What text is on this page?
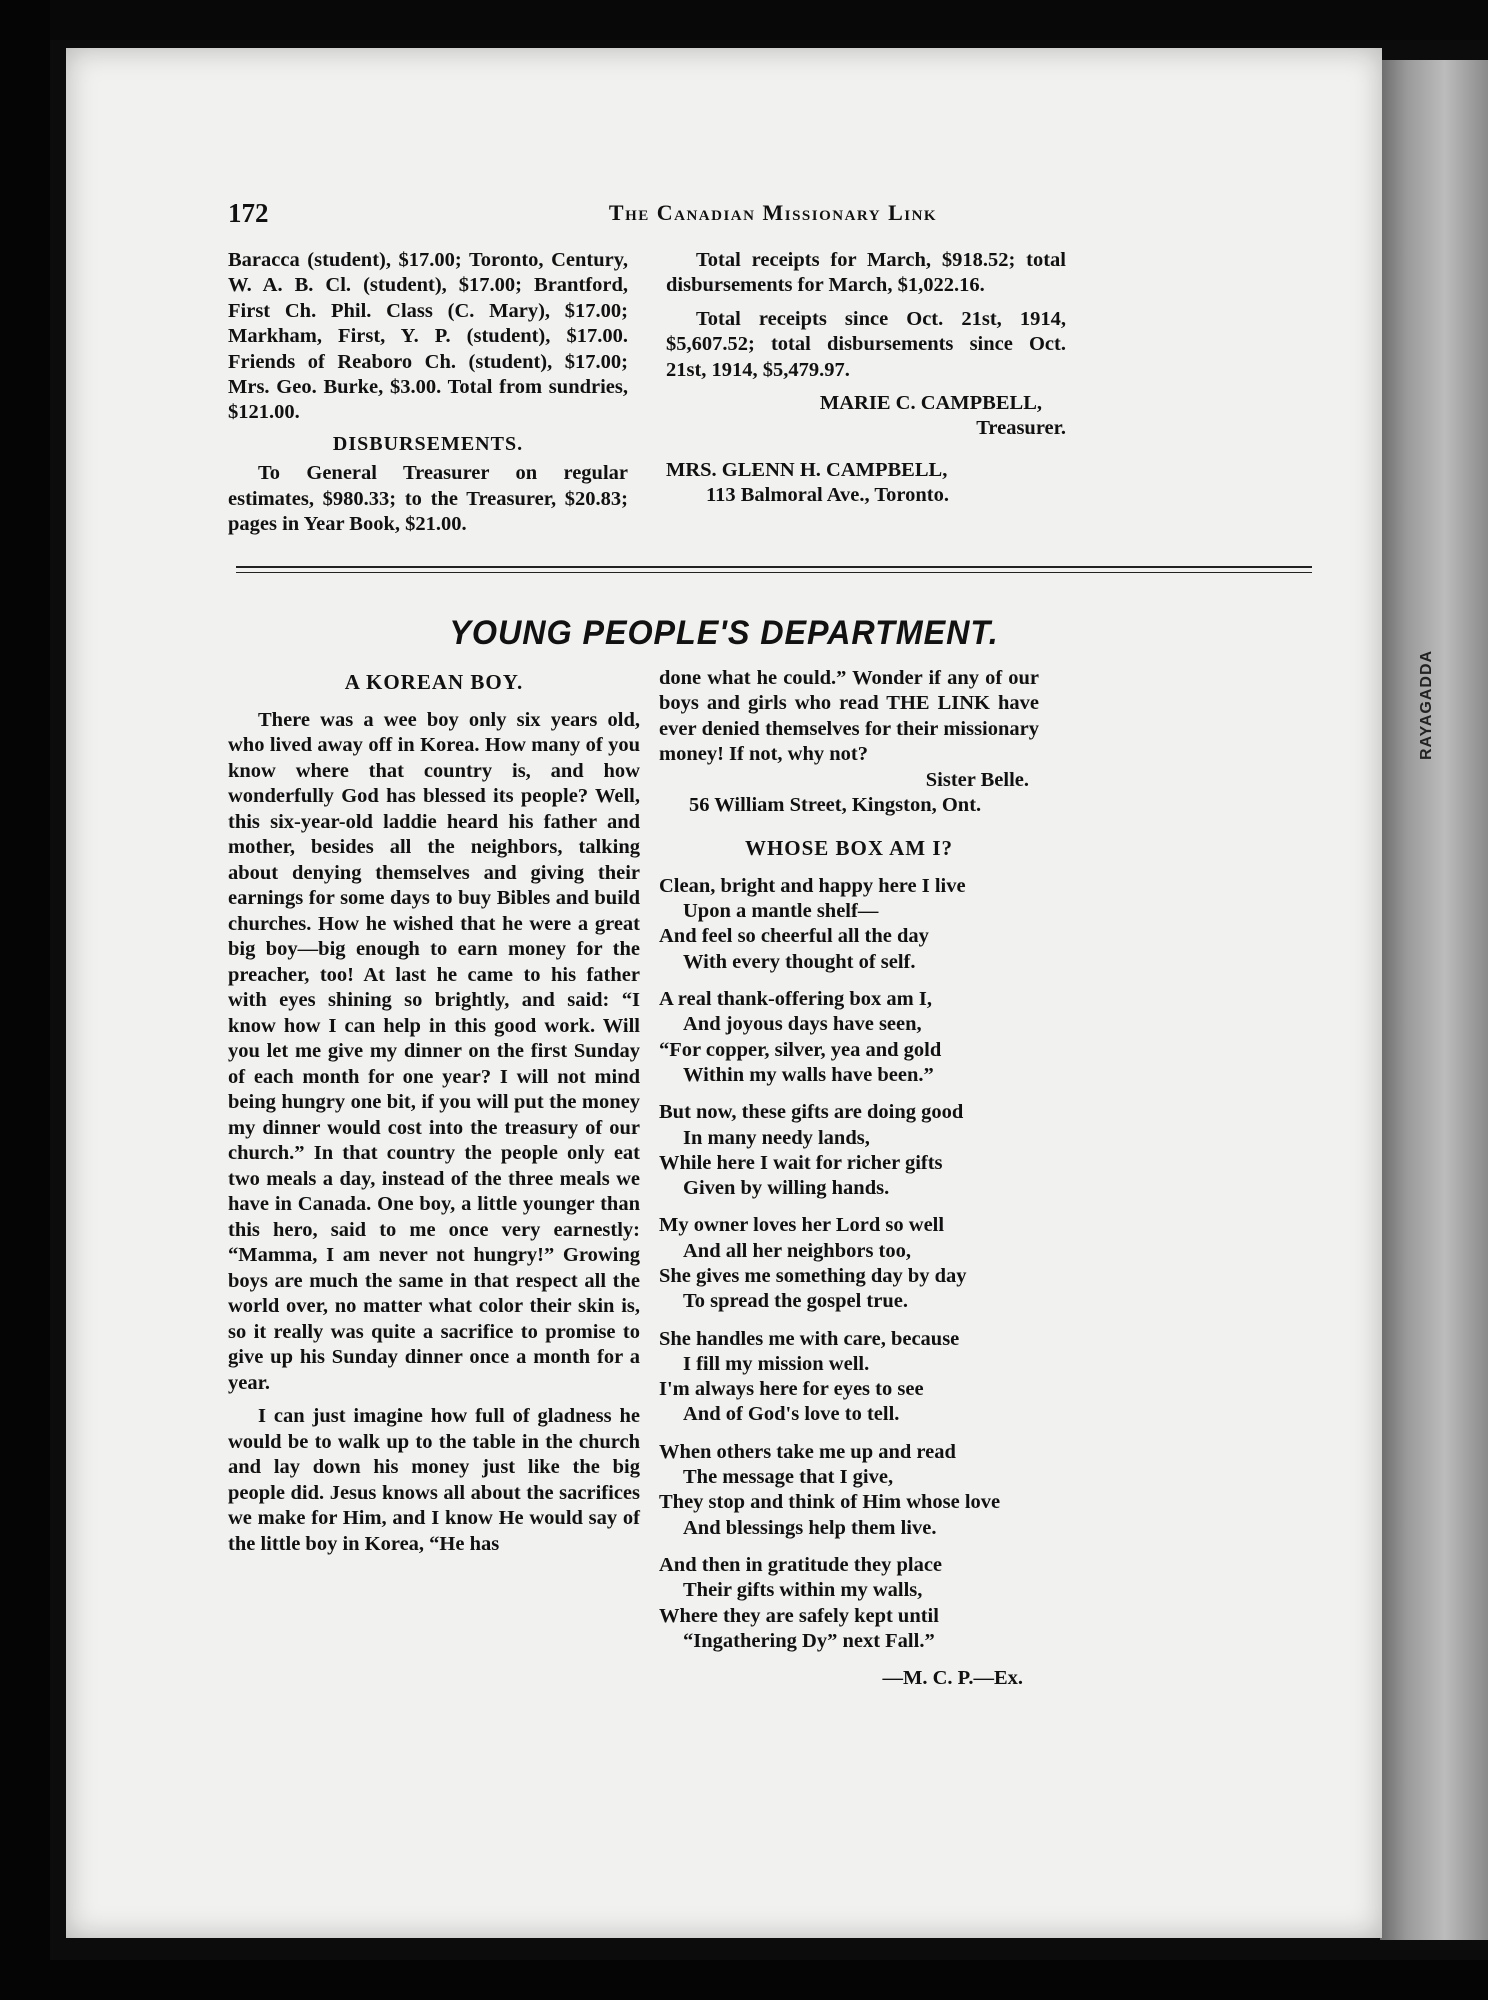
RAYAGADDA
172	The Canadian Missionary Link

Baracca (student), $17.00; Toronto, Century, W. A. B. Cl. (student), $17.00; Brantford, First Ch. Phil. Class (C. Mary), $17.00; Markham, First, Y. P. (student), $17.00. Friends of Reaboro Ch. (student), $17.00; Mrs. Geo. Burke, $3.00. Total from sundries, $121.00.

DISBURSEMENTS.

To General Treasurer on regular estimates, $980.33; to the Treasurer, $20.83; pages in Year Book, $21.00.

Total receipts for March, $918.52; total disbursements for March, $1,022.16.

Total receipts since Oct. 21st, 1914, $5,607.52; total disbursements since Oct. 21st, 1914, $5,479.97.

MARIE C. CAMPBELL,

Treasurer.

MRS. GLENN H. CAMPBELL,

113 Balmoral Ave., Toronto.

YOUNG PEOPLE'S DEPARTMENT.
A KOREAN BOY.

There was a wee boy only six years old, who lived away off in Korea. How many of you know where that country is, and how wonderfully God has blessed its people? Well, this six-year-old laddie heard his father and mother, besides all the neighbors, talking about denying themselves and giving their earnings for some days to buy Bibles and build churches. How he wished that he were a great big boy—big enough to earn money for the preacher, too! At last he came to his father with eyes shining so brightly, and said: “I know how I can help in this good work. Will you let me give my dinner on the first Sunday of each month for one year? I will not mind being hungry one bit, if you will put the money my dinner would cost into the treasury of our church.” In that country the people only eat two meals a day, instead of the three meals we have in Canada. One boy, a little younger than this hero, said to me once very earnestly: “Mamma, I am never not hungry!” Growing boys are much the same in that respect all the world over, no matter what color their skin is, so it really was quite a sacrifice to promise to give up his Sunday dinner once a month for a year.

I can just imagine how full of gladness he would be to walk up to the table in the church and lay down his money just like the big people did. Jesus knows all about the sacrifices we make for Him, and I know He would say of the little boy in Korea, “He has

done what he could.” Wonder if any of our boys and girls who read THE LINK have ever denied themselves for their missionary money! If not, why not?

Sister Belle.

56 William Street, Kingston, Ont.

WHOSE BOX AM I?
Clean, bright and happy here I live
Upon a mantle shelf—
And feel so cheerful all the day
With every thought of self.
A real thank-offering box am I,
And joyous days have seen,
“For copper, silver, yea and gold
Within my walls have been.”
But now, these gifts are doing good
In many needy lands,
While here I wait for richer gifts
Given by willing hands.
My owner loves her Lord so well
And all her neighbors too,
She gives me something day by day
To spread the gospel true.
She handles me with care, because
I fill my mission well.
I'm always here for eyes to see
And of God's love to tell.
When others take me up and read
The message that I give,
They stop and think of Him whose love
And blessings help them live.
And then in gratitude they place
Their gifts within my walls,
Where they are safely kept until
“Ingathering Dy” next Fall.”
—M. C. P.—Ex.
